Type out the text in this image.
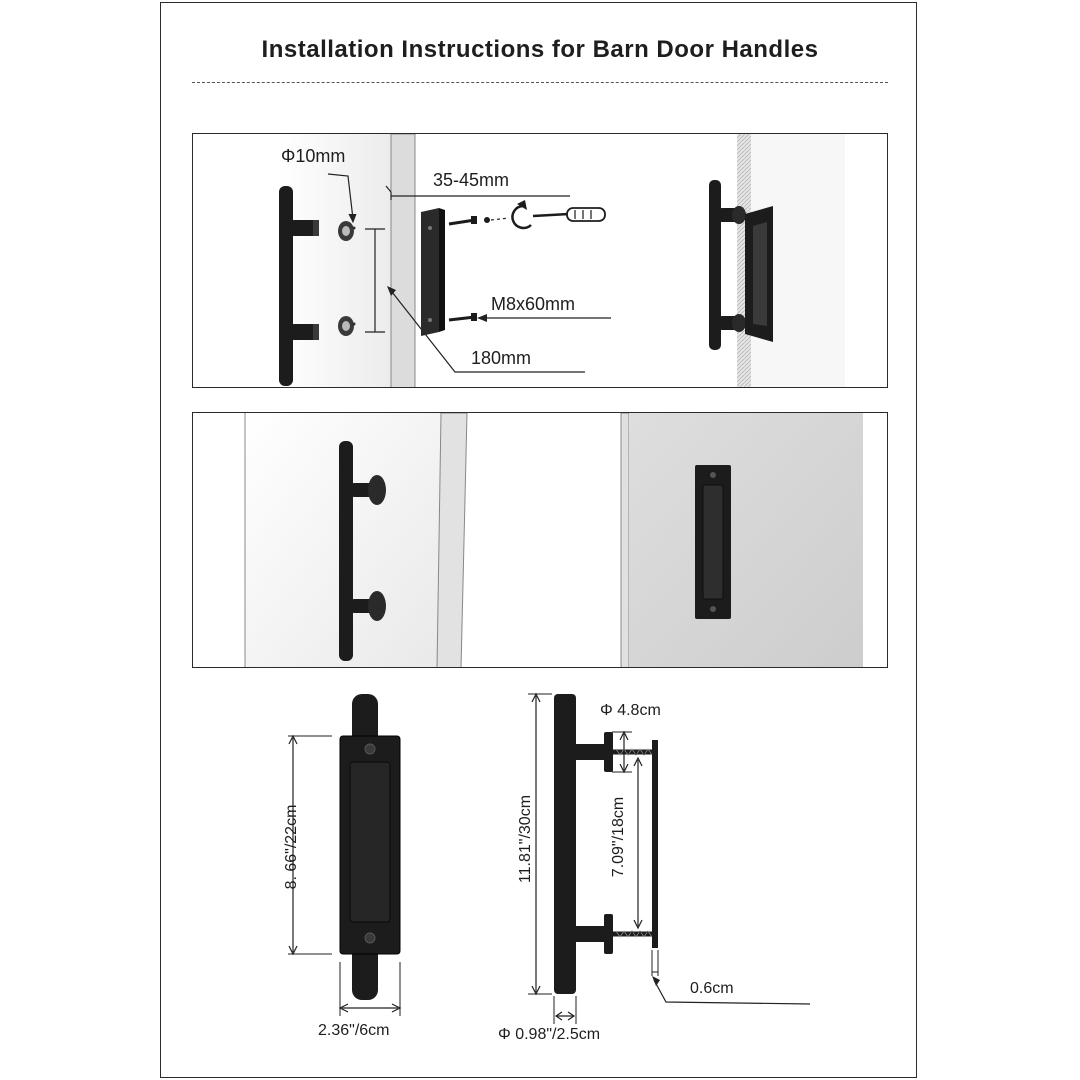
Installation Instructions for Barn Door Handles
Φ10mm
35-45mm
M8x60mm
180mm
8. 66"/22cm
2.36"/6cm
11.81"/30cm	7.09"/18cm
Φ 4.8cm
0.6cm
Φ 0.98"/2.5cm
